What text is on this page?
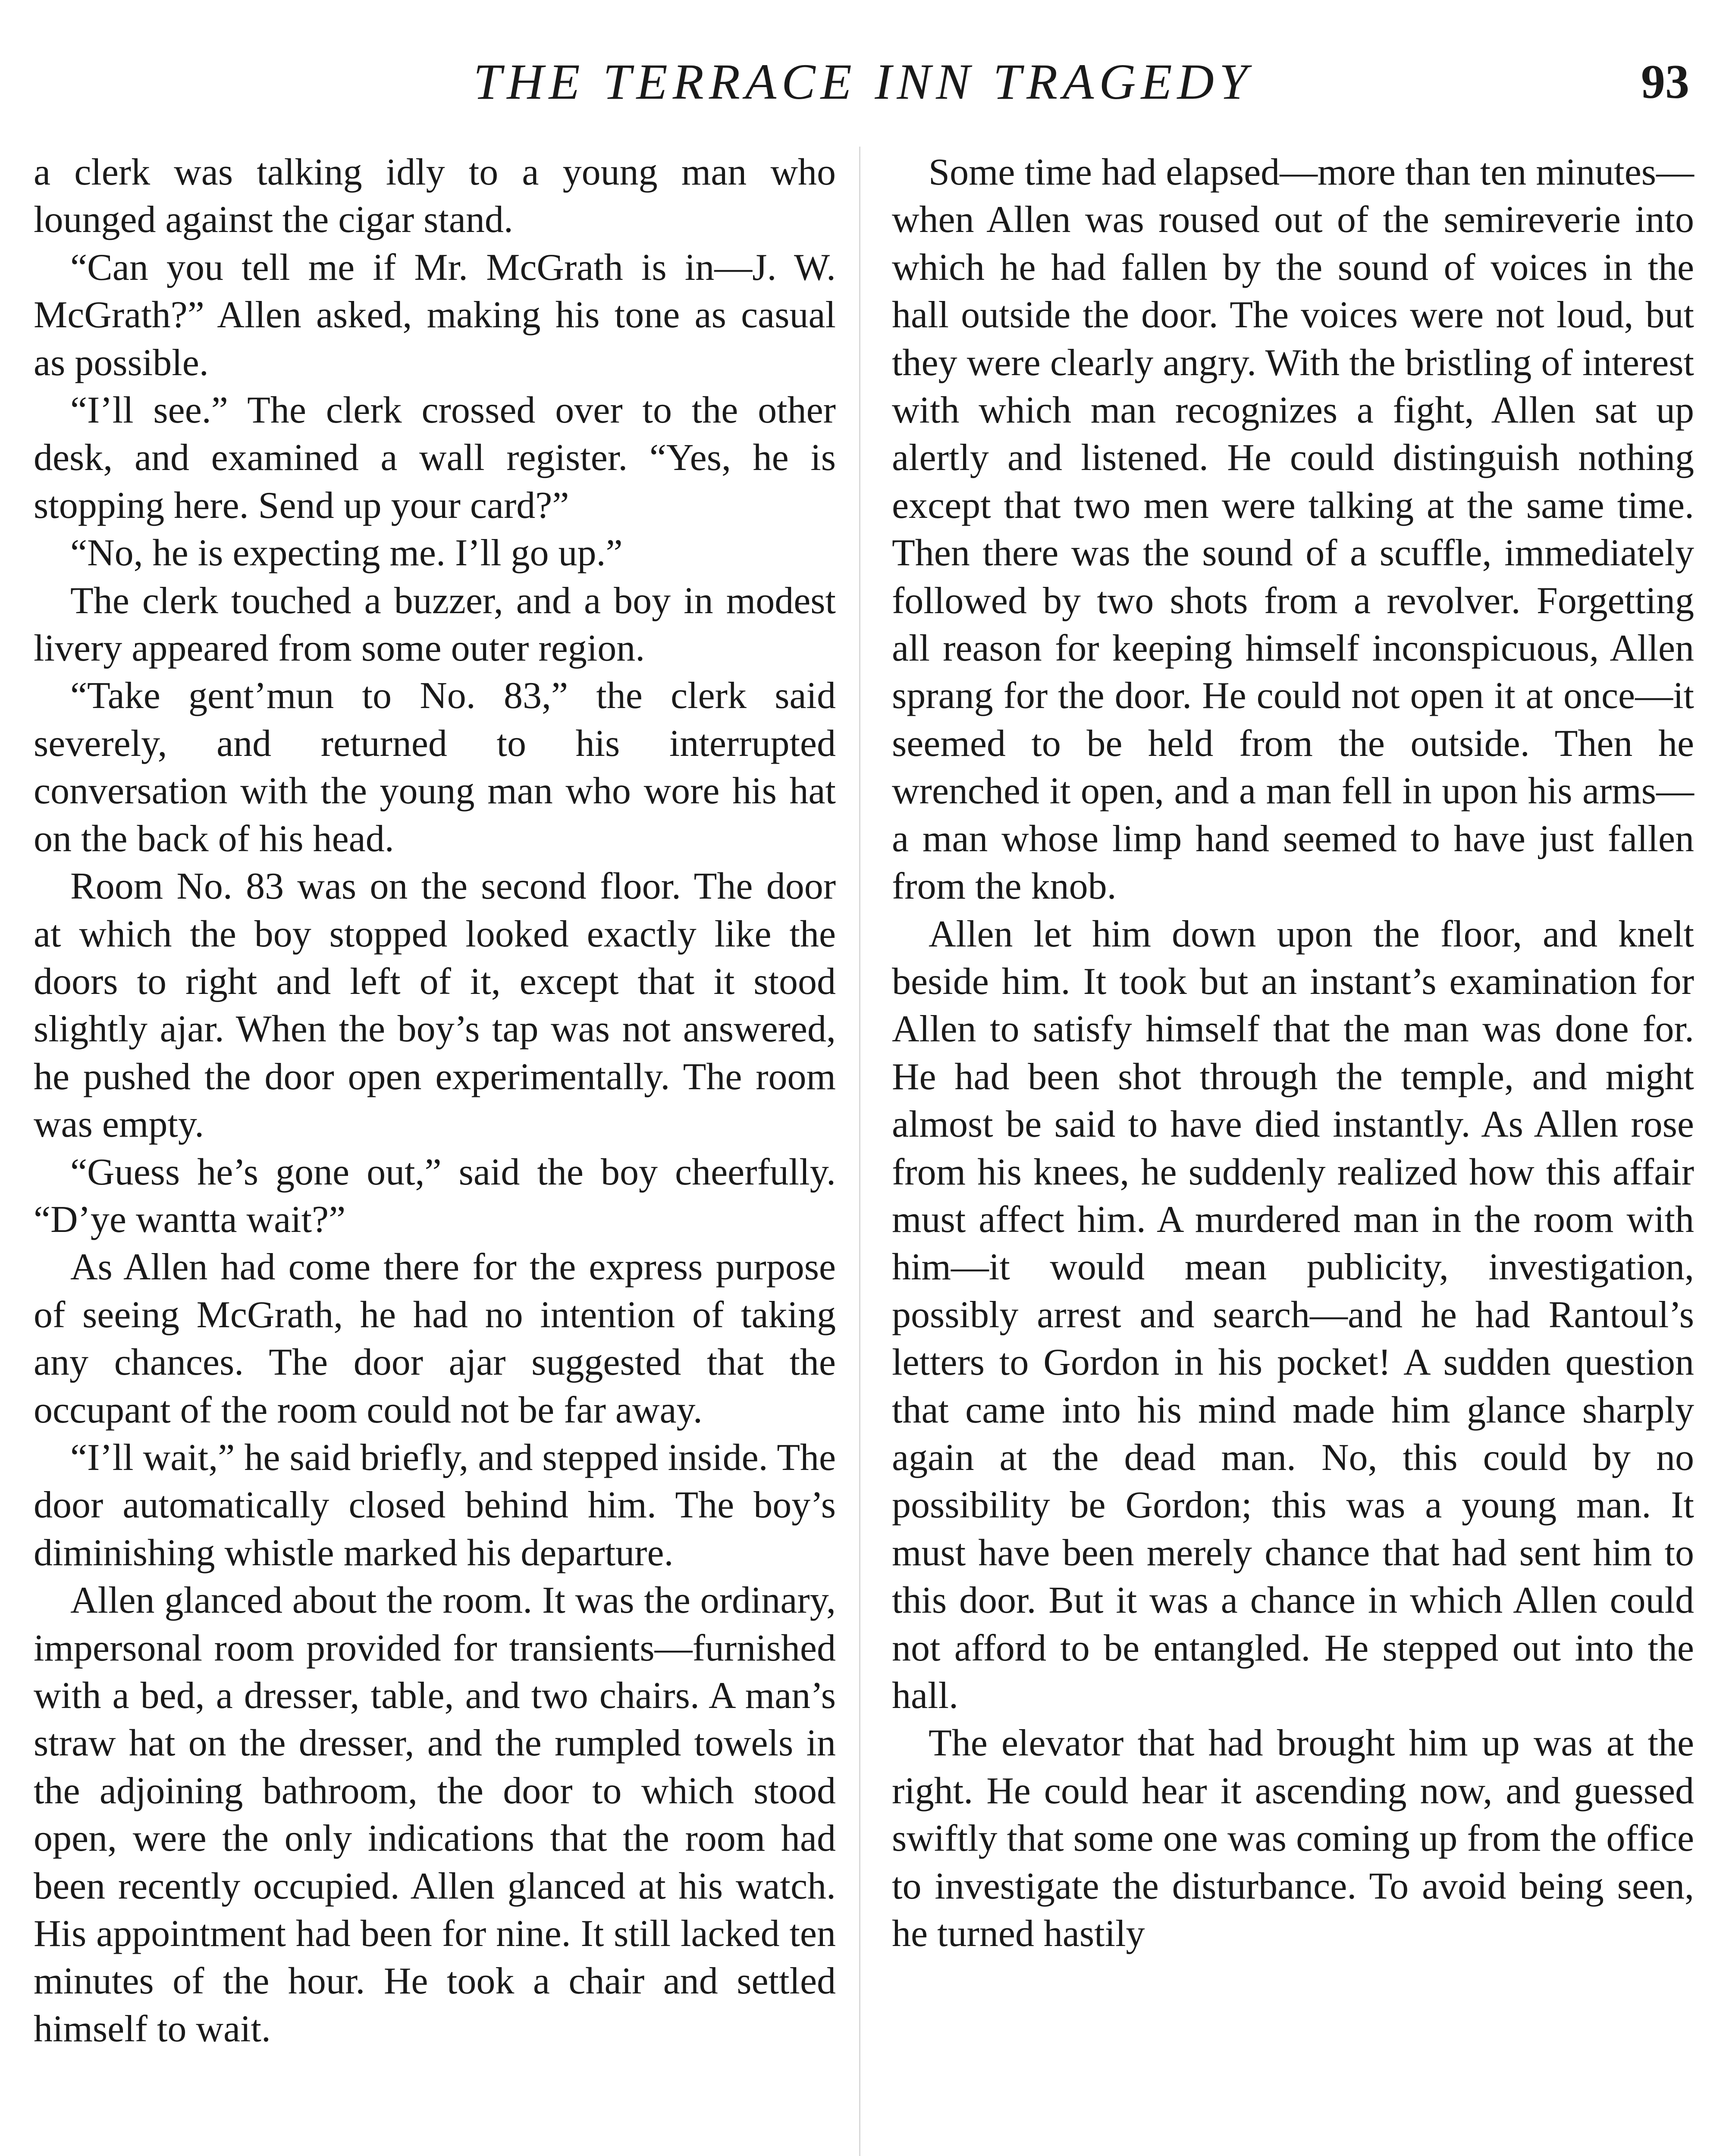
THE TERRACE INN TRAGEDY	93

a clerk was talking idly to a young man who lounged against the cigar stand.

“Can you tell me if Mr. McGrath is in—J. W. McGrath?” Allen asked, making his tone as casual as possible.

“I’ll see.” The clerk crossed over to the other desk, and examined a wall register. “Yes, he is stopping here. Send up your card?”

“No, he is expecting me. I’ll go up.”

The clerk touched a buzzer, and a boy in modest livery appeared from some outer region.

“Take gent’mun to No. 83,” the clerk said severely, and returned to his interrupted conversation with the young man who wore his hat on the back of his head.

Room No. 83 was on the second floor. The door at which the boy stopped looked exactly like the doors to right and left of it, except that it stood slightly ajar. When the boy’s tap was not answered, he pushed the door open experimentally. The room was empty.

“Guess he’s gone out,” said the boy cheerfully. “D’ye wantta wait?”

As Allen had come there for the express purpose of seeing McGrath, he had no intention of taking any chances. The door ajar suggested that the occupant of the room could not be far away.

“I’ll wait,” he said briefly, and stepped inside. The door automatically closed behind him. The boy’s diminishing whistle marked his departure.

Allen glanced about the room. It was the ordinary, impersonal room provided for transients—furnished with a bed, a dresser, table, and two chairs. A man’s straw hat on the dresser, and the rumpled towels in the adjoining bathroom, the door to which stood open, were the only indications that the room had been recently occupied. Allen glanced at his watch. His appointment had been for nine. It still lacked ten minutes of the hour. He took a chair and settled himself to wait.

Some time had elapsed—more than ten minutes—when Allen was roused out of the semireverie into which he had fallen by the sound of voices in the hall outside the door. The voices were not loud, but they were clearly angry. With the bristling of interest with which man recognizes a fight, Allen sat up alertly and listened. He could distinguish nothing except that two men were talking at the same time. Then there was the sound of a scuffle, immediately followed by two shots from a revolver. Forgetting all reason for keeping himself inconspicuous, Allen sprang for the door. He could not open it at once—it seemed to be held from the outside. Then he wrenched it open, and a man fell in upon his arms—a man whose limp hand seemed to have just fallen from the knob.

Allen let him down upon the floor, and knelt beside him. It took but an instant’s examination for Allen to satisfy himself that the man was done for. He had been shot through the temple, and might almost be said to have died instantly. As Allen rose from his knees, he suddenly realized how this affair must affect him. A murdered man in the room with him—it would mean publicity, investigation, possibly arrest and search—and he had Rantoul’s letters to Gordon in his pocket! A sudden question that came into his mind made him glance sharply again at the dead man. No, this could by no possibility be Gordon; this was a young man. It must have been merely chance that had sent him to this door. But it was a chance in which Allen could not afford to be entangled. He stepped out into the hall.

The elevator that had brought him up was at the right. He could hear it ascending now, and guessed swiftly that some one was coming up from the office to investigate the disturbance. To avoid being seen, he turned hastily
